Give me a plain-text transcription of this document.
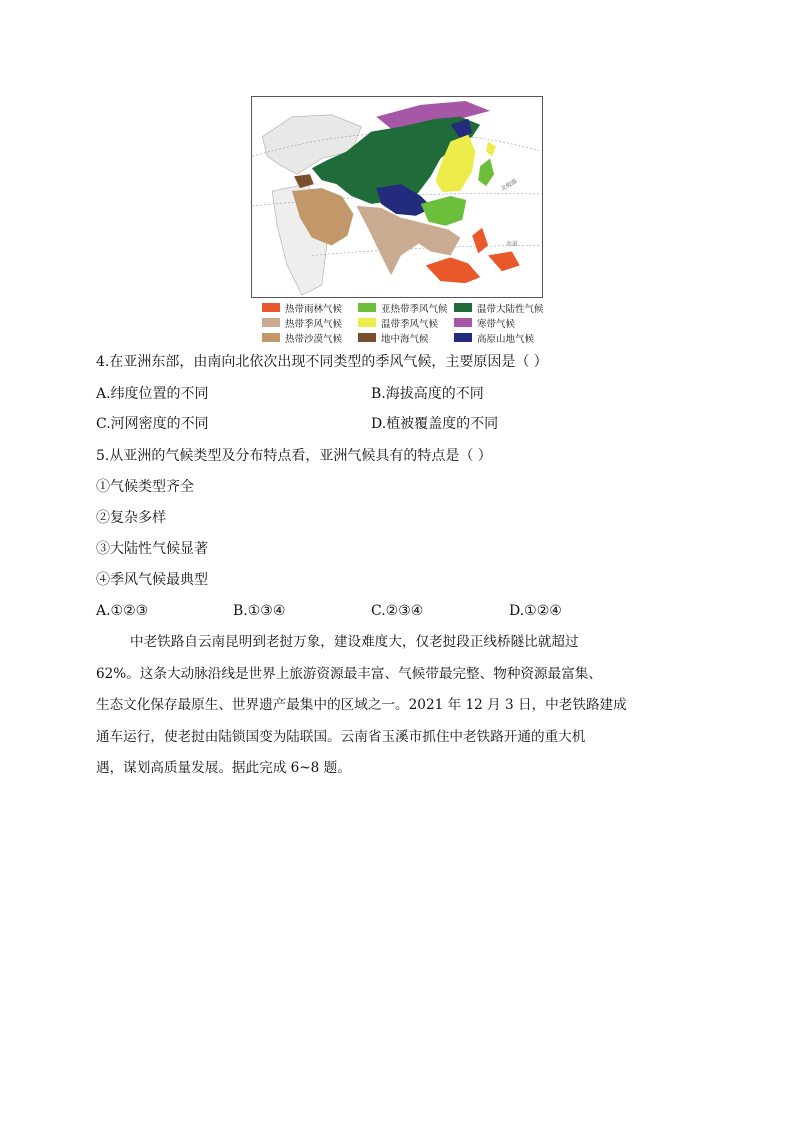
北极圈
赤道
热带雨林气候	亚热带季风气候	温带大陆性气候
热带季风气候	温带季风气候	寒带气候
热带沙漠气候	地中海气候	高原山地气候
4.在亚洲东部，由南向北依次出现不同类型的季风气候，主要原因是（ ）
A.纬度位置的不同	B.海拔高度的不同
C.河网密度的不同	D.植被覆盖度的不同
5.从亚洲的气候类型及分布特点看，亚洲气候具有的特点是（ ）
①气候类型齐全
②复杂多样
③大陆性气候显著
④季风气候最典型
A.①②③	B.①③④	C.②③④	D.①②④
中老铁路自云南昆明到老挝万象，建设难度大，仅老挝段正线桥隧比就超过
62%。这条大动脉沿线是世界上旅游资源最丰富、气候带最完整、物种资源最富集、
生态文化保存最原生、世界遗产最集中的区域之一。2021 年 12 月 3 日，中老铁路建成
通车运行，使老挝由陆锁国变为陆联国。云南省玉溪市抓住中老铁路开通的重大机
遇，谋划高质量发展。据此完成 6~8 题。
